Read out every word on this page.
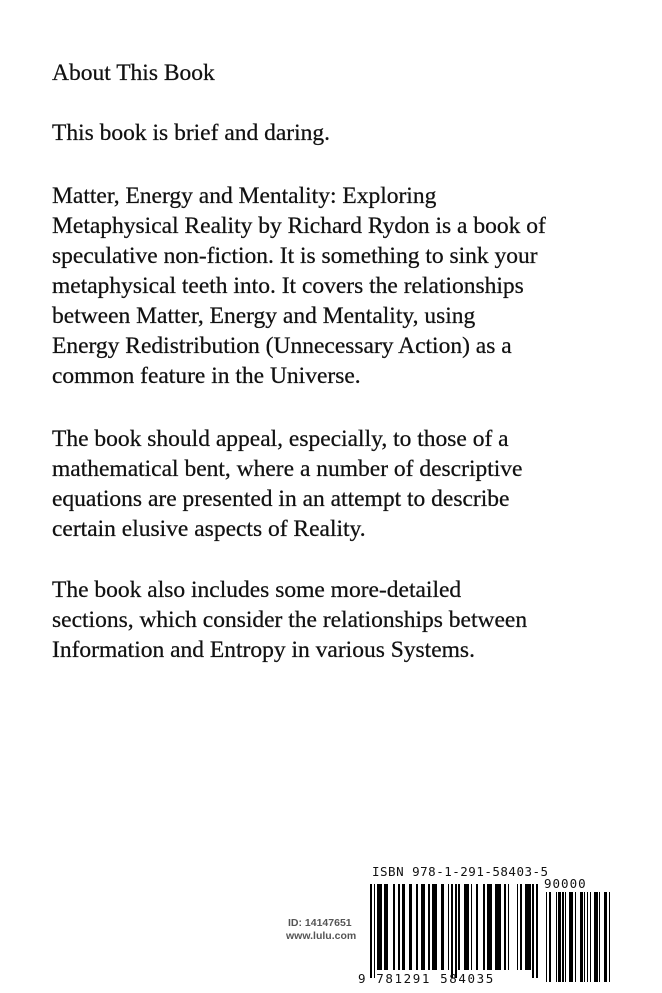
About This Book

This book is brief and daring.

Matter, Energy and Mentality: Exploring

Metaphysical Reality by Richard Rydon is a book of

speculative non-fiction. It is something to sink your

metaphysical teeth into. It covers the relationships

between Matter, Energy and Mentality, using

Energy Redistribution (Unnecessary Action) as a

common feature in the Universe.

The book should appeal, especially, to those of a

mathematical bent, where a number of descriptive

equations are presented in an attempt to describe

certain elusive aspects of Reality.

The book also includes some more-detailed

sections, which consider the relationships between

Information and Entropy in various Systems.

ID: 14147651
www.lulu.com
ISBN 978-1-291-58403-5
90000
9 781291 584035
